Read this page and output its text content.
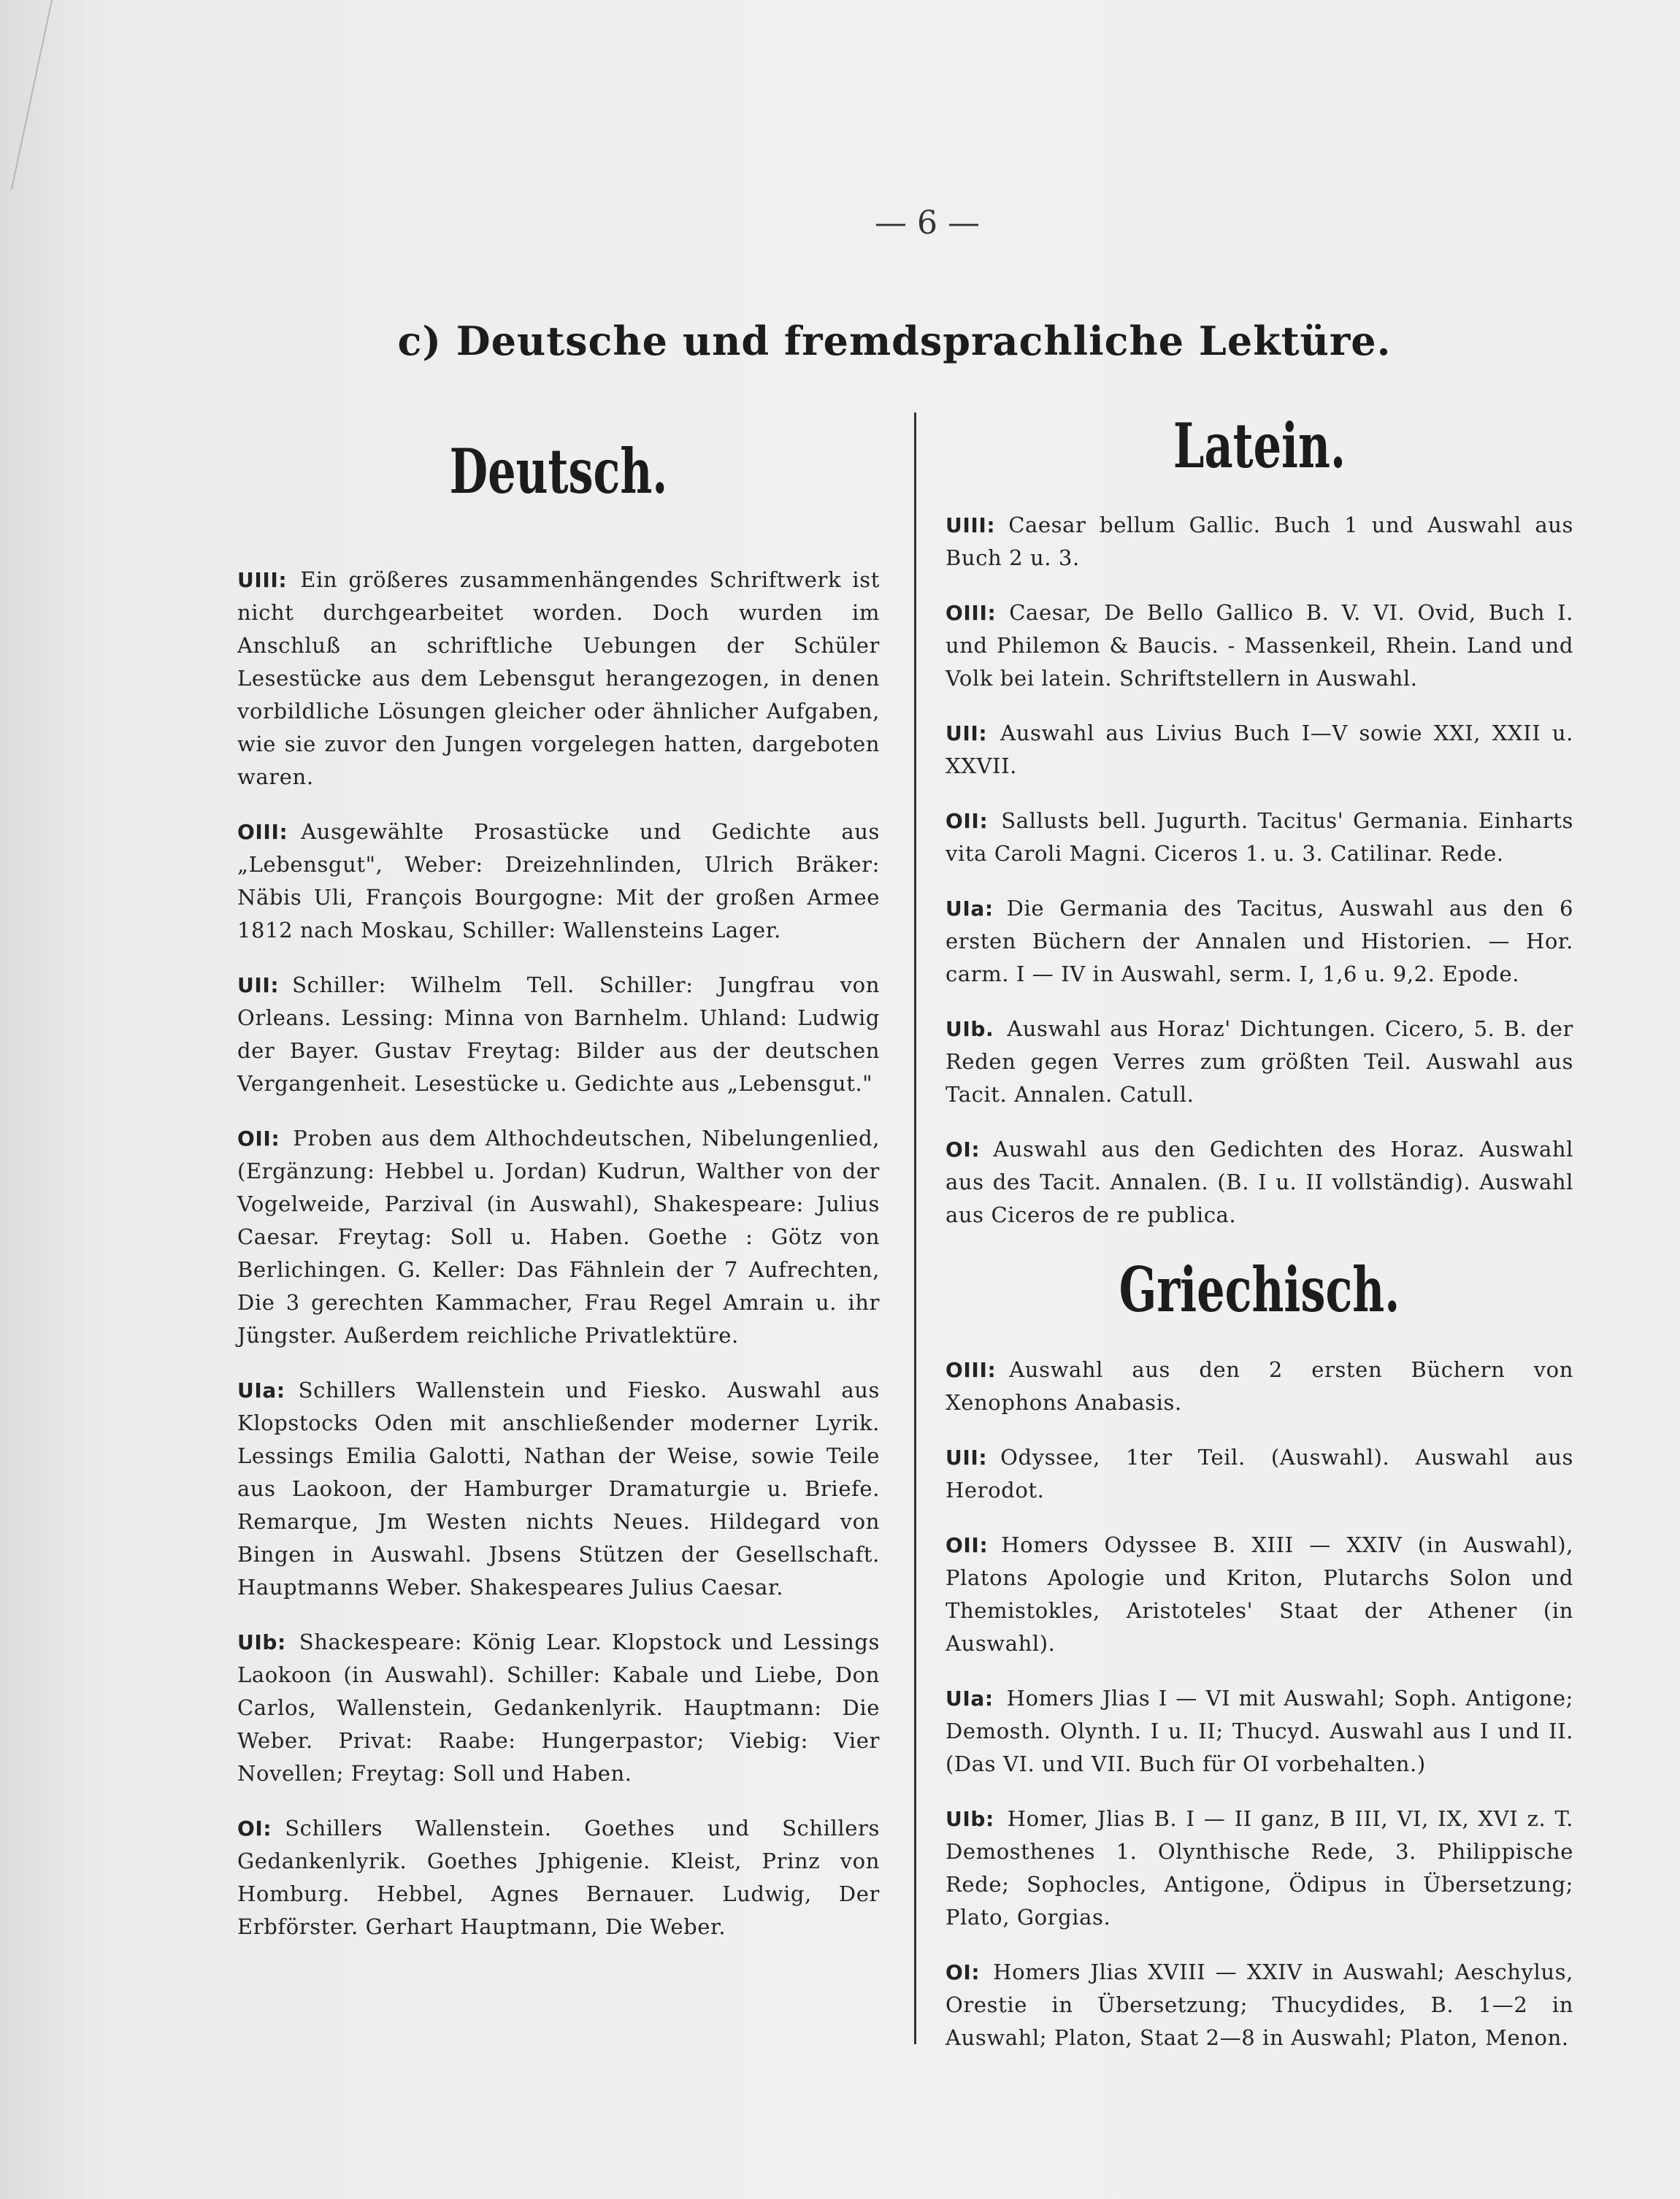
— 6 —
c) Deutsche und fremdsprachliche Lektüre.
Deutsch.
UIII: Ein größeres zusammenhängendes Schriftwerk ist nicht durchgearbeitet worden. Doch wurden im Anschluß an schriftliche Uebungen der Schüler Lesestücke aus dem Lebensgut herangezogen, in denen vorbildliche Lösungen gleicher oder ähnlicher Aufgaben, wie sie zuvor den Jungen vorgelegen hatten, dargeboten waren.
OIII: Ausgewählte Prosastücke und Gedichte aus „Lebensgut", Weber: Dreizehnlinden, Ulrich Bräker: Näbis Uli, François Bourgogne: Mit der großen Armee 1812 nach Moskau, Schiller: Wallensteins Lager.
UII: Schiller: Wilhelm Tell. Schiller: Jungfrau von Orleans. Lessing: Minna von Barnhelm. Uhland: Ludwig der Bayer. Gustav Freytag: Bilder aus der deutschen Vergangenheit. Lesestücke u. Gedichte aus „Lebensgut."
OII: Proben aus dem Althochdeutschen, Nibelungenlied, (Ergänzung: Hebbel u. Jordan) Kudrun, Walther von der Vogelweide, Parzival (in Auswahl), Shakespeare: Julius Caesar. Freytag: Soll u. Haben. Goethe : Götz von Berlichingen. G. Keller: Das Fähnlein der 7 Aufrechten, Die 3 gerechten Kammacher, Frau Regel Amrain u. ihr Jüngster. Außerdem reichliche Privatlektüre.
UIa: Schillers Wallenstein und Fiesko. Auswahl aus Klopstocks Oden mit anschließender moderner Lyrik. Lessings Emilia Galotti, Nathan der Weise, sowie Teile aus Laokoon, der Hamburger Dramaturgie u. Briefe. Remarque, Jm Westen nichts Neues. Hildegard von Bingen in Auswahl. Jbsens Stützen der Gesellschaft. Hauptmanns Weber. Shakespeares Julius Caesar.
UIb: Shackespeare: König Lear. Klopstock und Lessings Laokoon (in Auswahl). Schiller: Kabale und Liebe, Don Carlos, Wallenstein, Gedankenlyrik. Hauptmann: Die Weber. Privat: Raabe: Hungerpastor; Viebig: Vier Novellen; Freytag: Soll und Haben.
OI: Schillers Wallenstein. Goethes und Schillers Gedankenlyrik. Goethes Jphigenie. Kleist, Prinz von Homburg. Hebbel, Agnes Bernauer. Ludwig, Der Erbförster. Gerhart Hauptmann, Die Weber.
Latein.
UIII: Caesar bellum Gallic. Buch 1 und Auswahl aus Buch 2 u. 3.
OIII: Caesar, De Bello Gallico B. V. VI. Ovid, Buch I. und Philemon & Baucis. - Massenkeil, Rhein. Land und Volk bei latein. Schriftstellern in Auswahl.
UII: Auswahl aus Livius Buch I—V sowie XXI, XXII u. XXVII.
OII: Sallusts bell. Jugurth. Tacitus' Germania. Einharts vita Caroli Magni. Ciceros 1. u. 3. Catilinar. Rede.
UIa: Die Germania des Tacitus, Auswahl aus den 6 ersten Büchern der Annalen und Historien. — Hor. carm. I — IV in Auswahl, serm. I, 1,6 u. 9,2. Epode.
UIb. Auswahl aus Horaz' Dichtungen. Cicero, 5. B. der Reden gegen Verres zum größten Teil. Auswahl aus Tacit. Annalen. Catull.
OI: Auswahl aus den Gedichten des Horaz. Auswahl aus des Tacit. Annalen. (B. I u. II vollständig). Auswahl aus Ciceros de re publica.
Griechisch.
OIII: Auswahl aus den 2 ersten Büchern von Xenophons Anabasis.
UII: Odyssee, 1ter Teil. (Auswahl). Auswahl aus Herodot.
OII: Homers Odyssee B. XIII — XXIV (in Auswahl), Platons Apologie und Kriton, Plutarchs Solon und Themistokles, Aristoteles' Staat der Athener (in Auswahl).
UIa: Homers Jlias I — VI mit Auswahl; Soph. Antigone; Demosth. Olynth. I u. II; Thucyd. Auswahl aus I und II. (Das VI. und VII. Buch für OI vorbehalten.)
UIb: Homer, Jlias B. I — II ganz, B III, VI, IX, XVI z. T. Demosthenes 1. Olynthische Rede, 3. Philippische Rede; Sophocles, Antigone, Ödipus in Übersetzung; Plato, Gorgias.
OI: Homers Jlias XVIII — XXIV in Auswahl; Aeschylus, Orestie in Übersetzung; Thucydides, B. 1—2 in Auswahl; Platon, Staat 2—8 in Auswahl; Platon, Menon.
